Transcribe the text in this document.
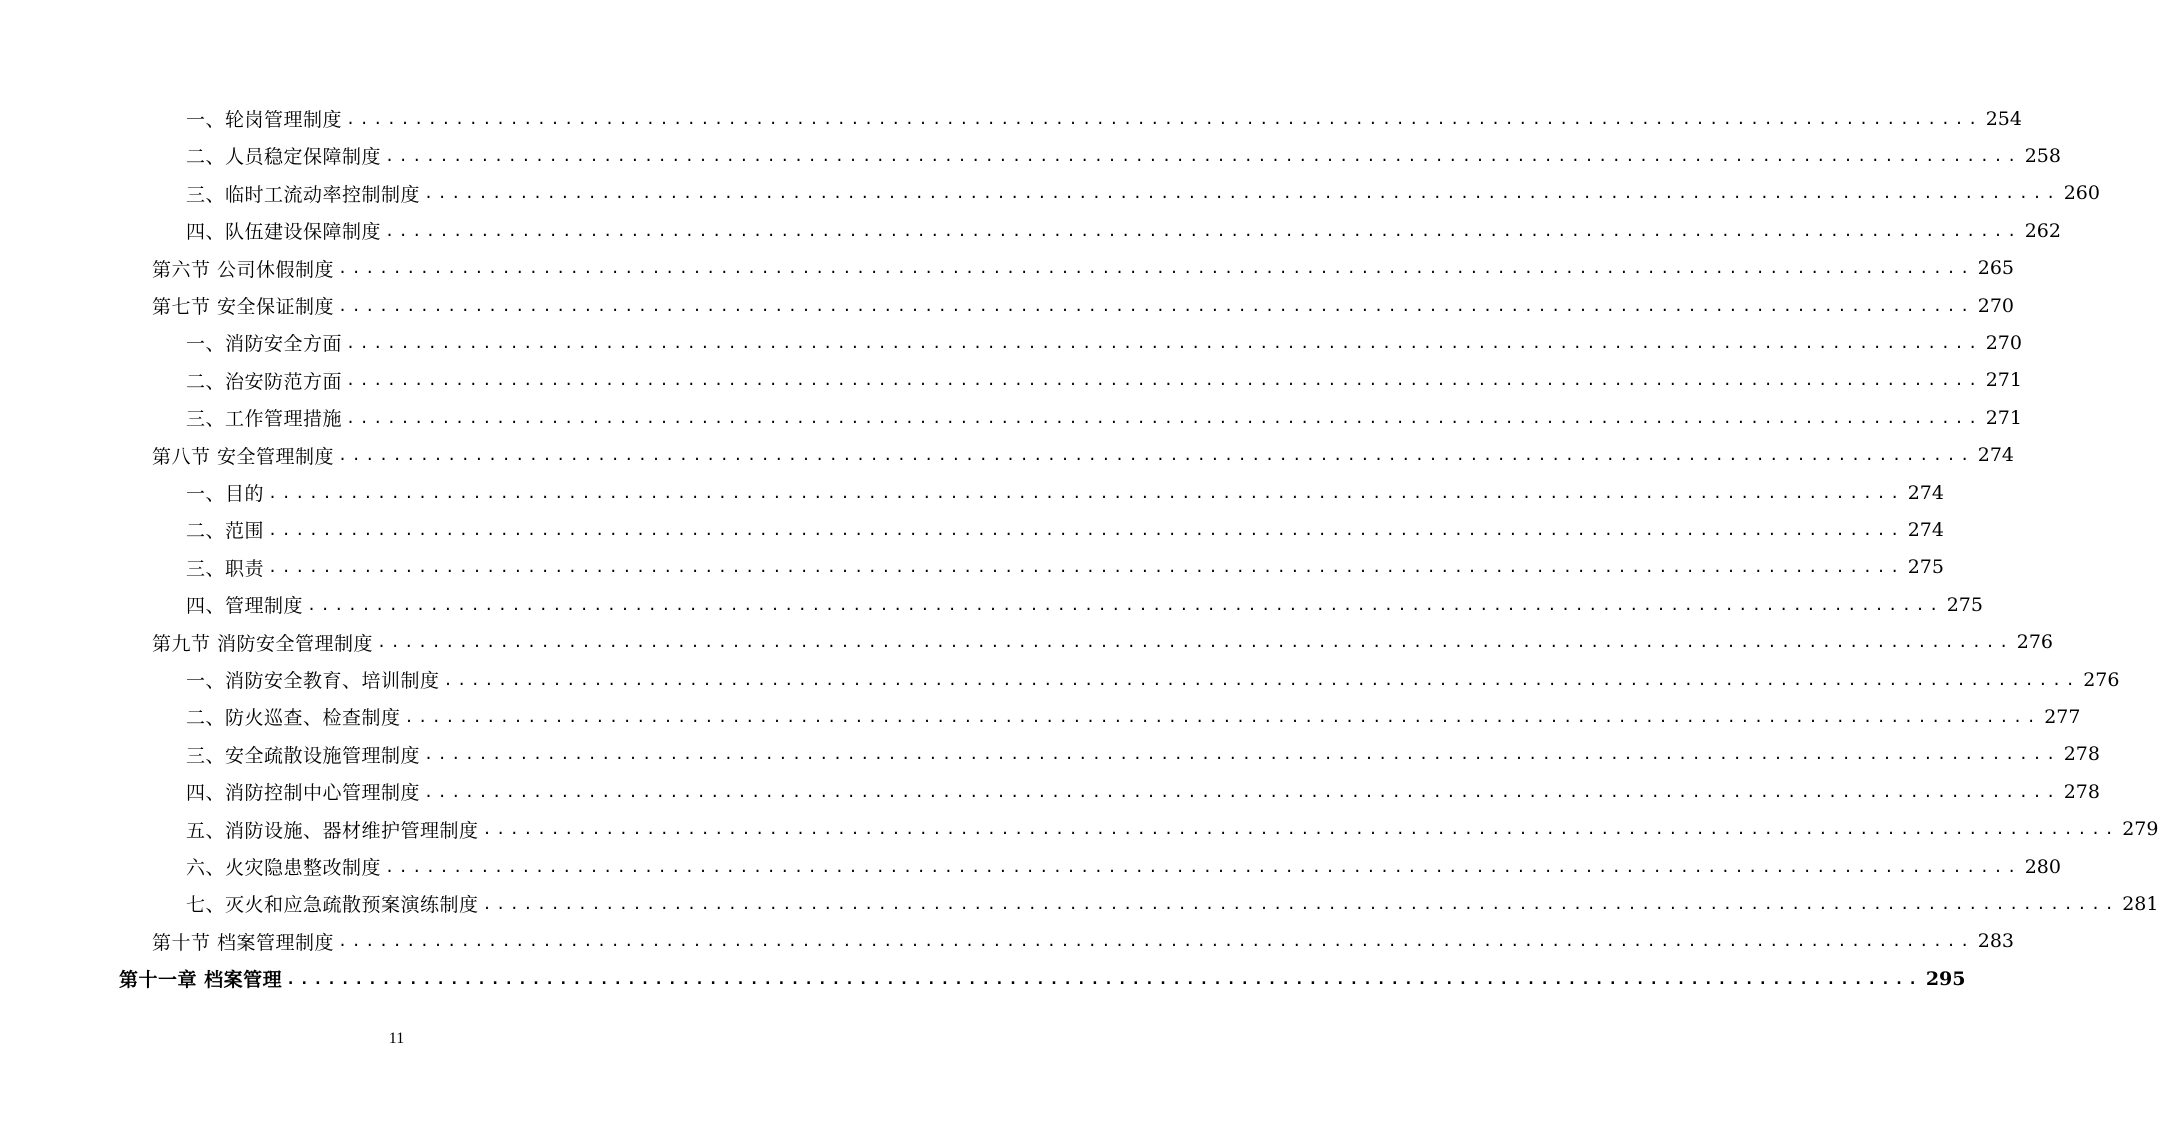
一、轮岗管理制度 ........................................................................................................................ 254
二、人员稳定保障制度 ........................................................................................................................ 258
三、临时工流动率控制制度 ........................................................................................................................ 260
四、队伍建设保障制度 ........................................................................................................................ 262
第六节 公司休假制度 ........................................................................................................................ 265
第七节 安全保证制度 ........................................................................................................................ 270
一、消防安全方面 ........................................................................................................................ 270
二、治安防范方面 ........................................................................................................................ 271
三、工作管理措施 ........................................................................................................................ 271
第八节 安全管理制度 ........................................................................................................................ 274
一、目的 ........................................................................................................................ 274
二、范围 ........................................................................................................................ 274
三、职责 ........................................................................................................................ 275
四、管理制度 ........................................................................................................................ 275
第九节 消防安全管理制度 ........................................................................................................................ 276
一、消防安全教育、培训制度 ........................................................................................................................ 276
二、防火巡查、检查制度 ........................................................................................................................ 277
三、安全疏散设施管理制度 ........................................................................................................................ 278
四、消防控制中心管理制度 ........................................................................................................................ 278
五、消防设施、器材维护管理制度 ........................................................................................................................ 279
六、火灾隐患整改制度 ........................................................................................................................ 280
七、灭火和应急疏散预案演练制度 ........................................................................................................................ 281
第十节 档案管理制度 ........................................................................................................................ 283
第十一章 档案管理 ........................................................................................................................ 295
11
